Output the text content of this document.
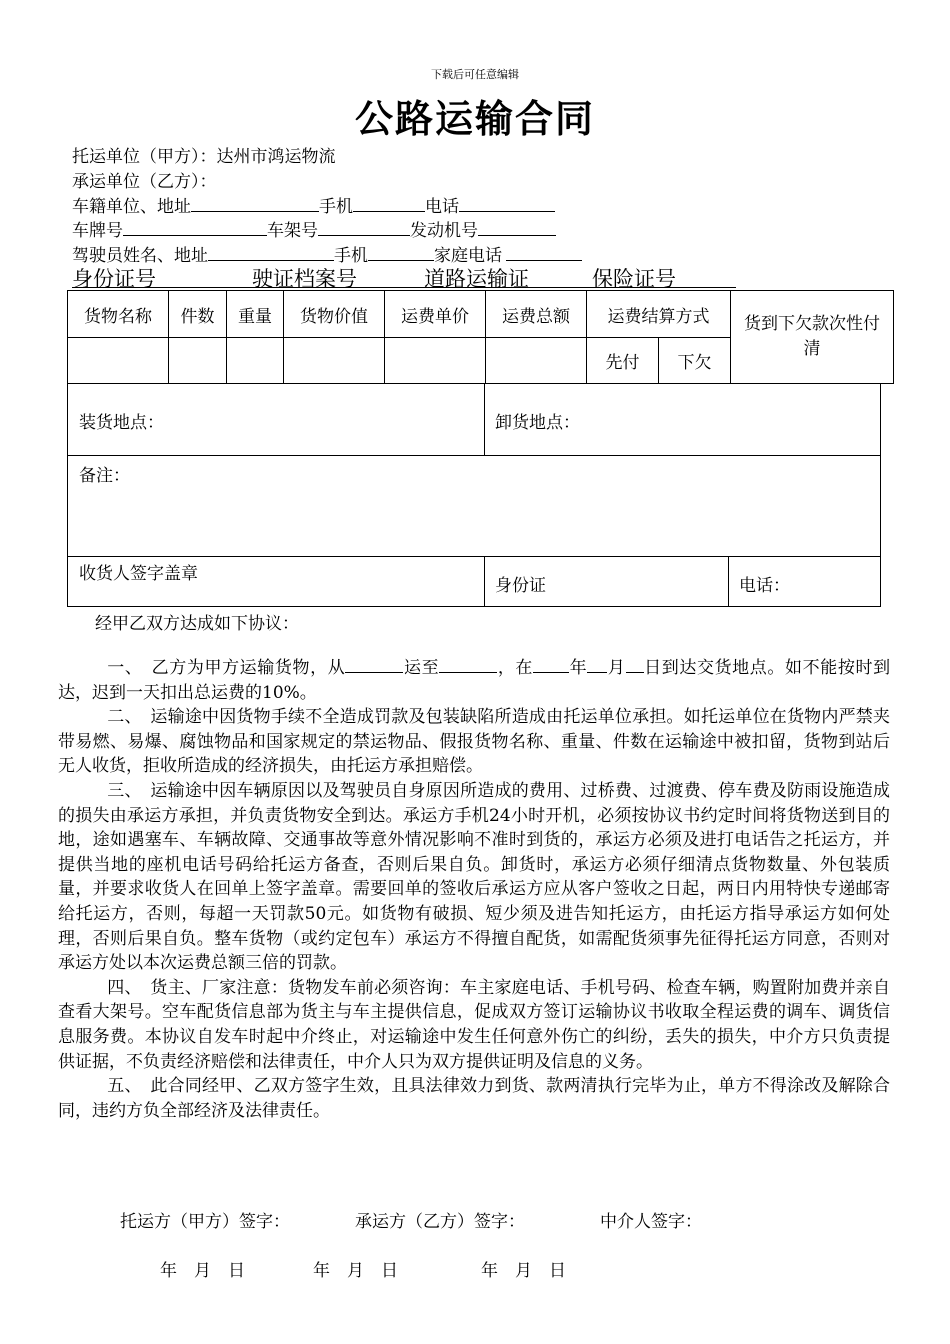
下载后可任意编辑
公路运输合同
托运单位（甲方）：达州市鸿运物流
承运单位（乙方）：
车籍单位、地址	手机	电话
车牌号	车架号	发动机号
驾驶员姓名、地址	手机	家庭电话
身份证号	驶证档案号	道路运输证	保险证号
货物名称	件数	重量	货物价值	运费单价	运费总额	运费结算方式		货到下欠款次性付清
						先付	下欠	
装货地点：	卸货地点：
备注：
收货人签字盖章
身份证	电话：
经甲乙双方达成如下协议：

一、　乙方为甲方运输货物，从	运至	，在 年 月 日到达交货地点。如不能按时到达，迟到一天扣出总运费的10%。

二、　运输途中因货物手续不全造成罚款及包装缺陷所造成由托运单位承担。如托运单位在货物内严禁夹带易燃、易爆、腐蚀物品和国家规定的禁运物品、假报货物名称、重量、件数在运输途中被扣留，货物到站后无人收货，拒收所造成的经济损失，由托运方承担赔偿。

三、　运输途中因车辆原因以及驾驶员自身原因所造成的费用、过桥费、过渡费、停车费及防雨设施造成的损失由承运方承担，并负责货物安全到达。承运方手机24小时开机，必须按协议书约定时间将货物送到目的地，途如遇塞车、车辆故障、交通事故等意外情况影响不准时到货的，承运方必须及进打电话告之托运方，并提供当地的座机电话号码给托运方备查，否则后果自负。卸货时，承运方必须仔细清点货物数量、外包装质量，并要求收货人在回单上签字盖章。需要回单的签收后承运方应从客户签收之日起，两日内用特快专递邮寄给托运方，否则，每超一天罚款50元。如货物有破损、短少须及进告知托运方，由托运方指导承运方如何处理，否则后果自负。整车货物（或约定包车）承运方不得擅自配货，如需配货须事先征得托运方同意，否则对承运方处以本次运费总额三倍的罚款。

四、　货主、厂家注意：货物发车前必须咨询：车主家庭电话、手机号码、检查车辆，购置附加费并亲自查看大架号。空车配货信息部为货主与车主提供信息，促成双方签订运输协议书收取全程运费的调车、调货信息服务费。本协议自发车时起中介终止，对运输途中发生任何意外伤亡的纠纷，丢失的损失，中介方只负责提供证据，不负责经济赔偿和法律责任，中介人只为双方提供证明及信息的义务。

五、　此合同经甲、乙双方签字生效，且具法律效力到货、款两清执行完毕为止，单方不得涂改及解除合同，违约方负全部经济及法律责任。

托运方（甲方）签字：	承运方（乙方）签字：	中介人签字：
年　月　日	年　月　日	年　月　日
